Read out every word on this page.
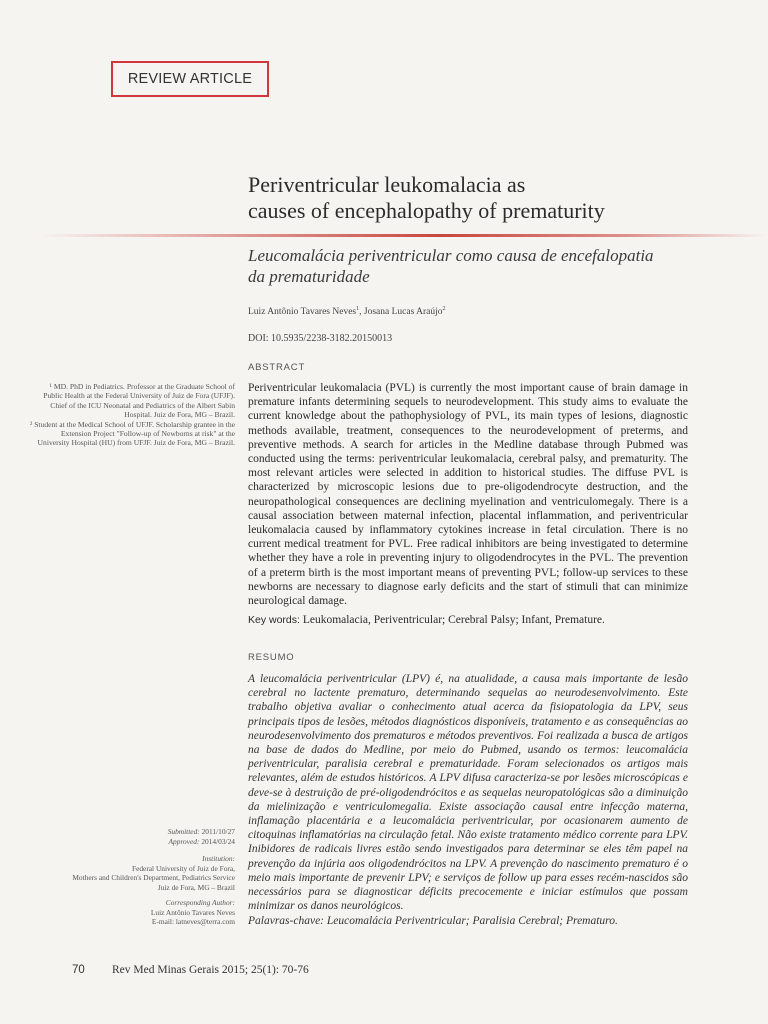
REVIEW ARTICLE
Periventricular leukomalacia as
causes of encephalopathy of prematurity
Leucomalácia periventricular como causa de encefalopatia
da prematuridade
Luiz Antônio Tavares Neves$^1$, Josana Lucas Araújo$^2$
DOI: 10.5935/2238-3182.20150013
ABSTRACT
Periventricular leukomalacia (PVL) is currently the most important cause of brain damage in premature infants determining sequels to neurodevelopment. This study aims to evaluate the current knowledge about the pathophysiology of PVL, its main types of lesions, diagnostic methods available, treatment, consequences to the neurodevelopment of preterms, and preventive methods. A search for articles in the Medline database through Pubmed was conducted using the terms: periventricular leukomalacia, cerebral palsy, and prematurity. The most relevant articles were selected in addition to historical studies. The diffuse PVL is characterized by microscopic lesions due to pre-oligodendrocyte destruction, and the neuropathological consequences are declining myelination and ventriculomegaly. There is a causal association between maternal infection, placental inflammation, and periventricular leukomalacia caused by inflammatory cytokines increase in fetal circulation. There is no current medical treatment for PVL. Free radical inhibitors are being investigated to determine whether they have a role in preventing injury to oligodendrocytes in the PVL. The prevention of a preterm birth is the most important means of preventing PVL; follow-up services to these newborns are necessary to diagnose early deficits and the start of stimuli that can minimize neurological damage.
Key words: Leukomalacia, Periventricular; Cerebral Palsy; Infant, Premature.
RESUMO
A leucomalácia periventricular (LPV) é, na atualidade, a causa mais importante de lesão cerebral no lactente prematuro, determinando sequelas ao neurodesenvolvimento. Este trabalho objetiva avaliar o conhecimento atual acerca da fisiopatologia da LPV, seus principais tipos de lesões, métodos diagnósticos disponíveis, tratamento e as consequências ao neurodesenvolvimento dos prematuros e métodos preventivos. Foi realizada a busca de artigos na base de dados do Medline, por meio do Pubmed, usando os termos: leucomalácia periventricular, paralisia cerebral e prematuridade. Foram selecionados os artigos mais relevantes, além de estudos históricos. A LPV difusa caracteriza-se por lesões microscópicas e deve-se à destruição de pré-oligodendrócitos e as sequelas neuropatológicas são a diminuição da mielinização e ventriculomegalia. Existe associação causal entre infecção materna, inflamação placentária e a leucomalácia periventricular, por ocasionarem aumento de citoquinas inflamatórias na circulação fetal. Não existe tratamento médico corrente para LPV. Inibidores de radicais livres estão sendo investigados para determinar se eles têm papel na prevenção da injúria aos oligodendrócitos na LPV. A prevenção do nascimento prematuro é o meio mais importante de prevenir LPV; e serviços de follow up para esses recém-nascidos são necessários para se diagnosticar déficits precocemente e iniciar estímulos que possam minimizar os danos neurológicos.
Palavras-chave: Leucomalácia Periventricular; Paralisia Cerebral; Prematuro.
¹ MD. PhD in Pediatrics. Professor at the Graduate School of Public Health at the Federal University of Juiz de Fora (UFJF). Chief of the ICU Neonatal and Pediatrics of the Albert Sabin Hospital. Juiz de Fora, MG – Brazil.
² Student at the Medical School of UFJF. Scholarship grantee in the Extension Project "Follow-up of Newborns at risk" at the University Hospital (HU) from UFJF. Juiz de Fora, MG – Brazil.
Submitted: 2011/10/27
Approved: 2014/03/24
Institution:
Federal University of Juiz de Fora,
Mothers and Children's Department, Pediatrics Service
Juiz de Fora, MG – Brazil
Corresponding Author:
Luiz Antônio Tavares Neves
E-mail: latneves@terra.com
70 Rev Med Minas Gerais 2015; 25(1): 70-76
